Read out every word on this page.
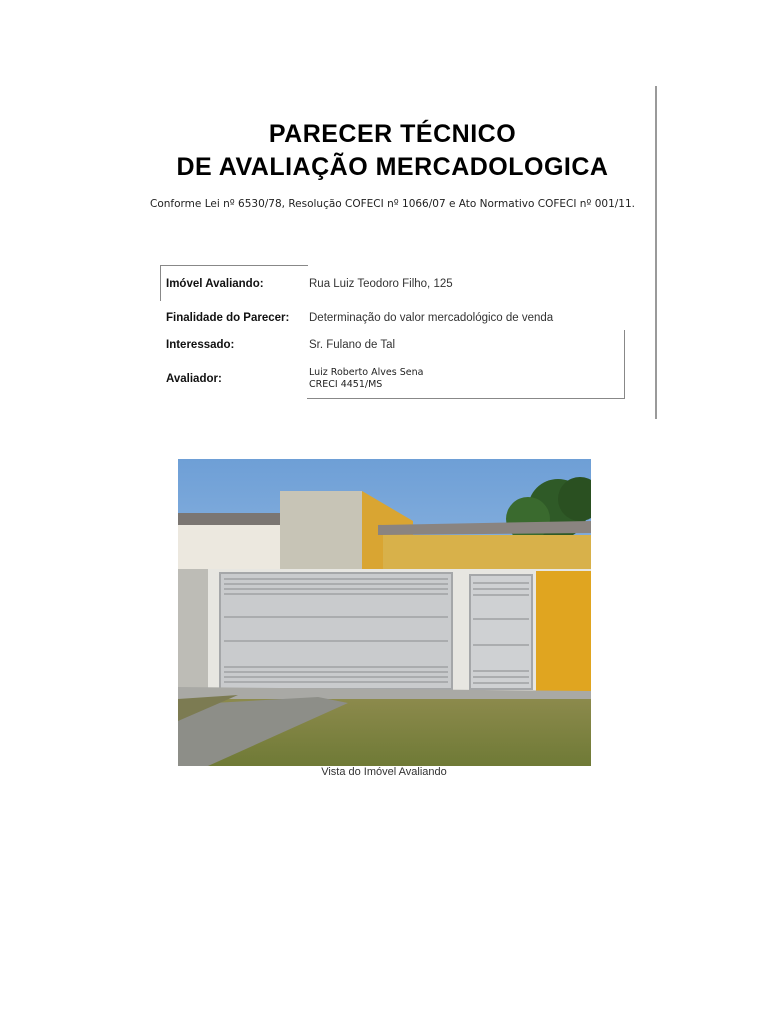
PARECER TÉCNICO
DE AVALIAÇÃO MERCADOLOGICA
Conforme Lei nº 6530/78, Resolução COFECI nº 1066/07 e Ato Normativo COFECI nº 001/11.
Imóvel Avaliando:	Rua Luiz Teodoro Filho, 125
Finalidade do Parecer: Determinação do valor mercadológico de venda
Interessado:	Sr. Fulano de Tal
Avaliador:
Luiz Roberto Alves Sena
CRECI 4451/MS
Vista do Imóvel Avaliando
